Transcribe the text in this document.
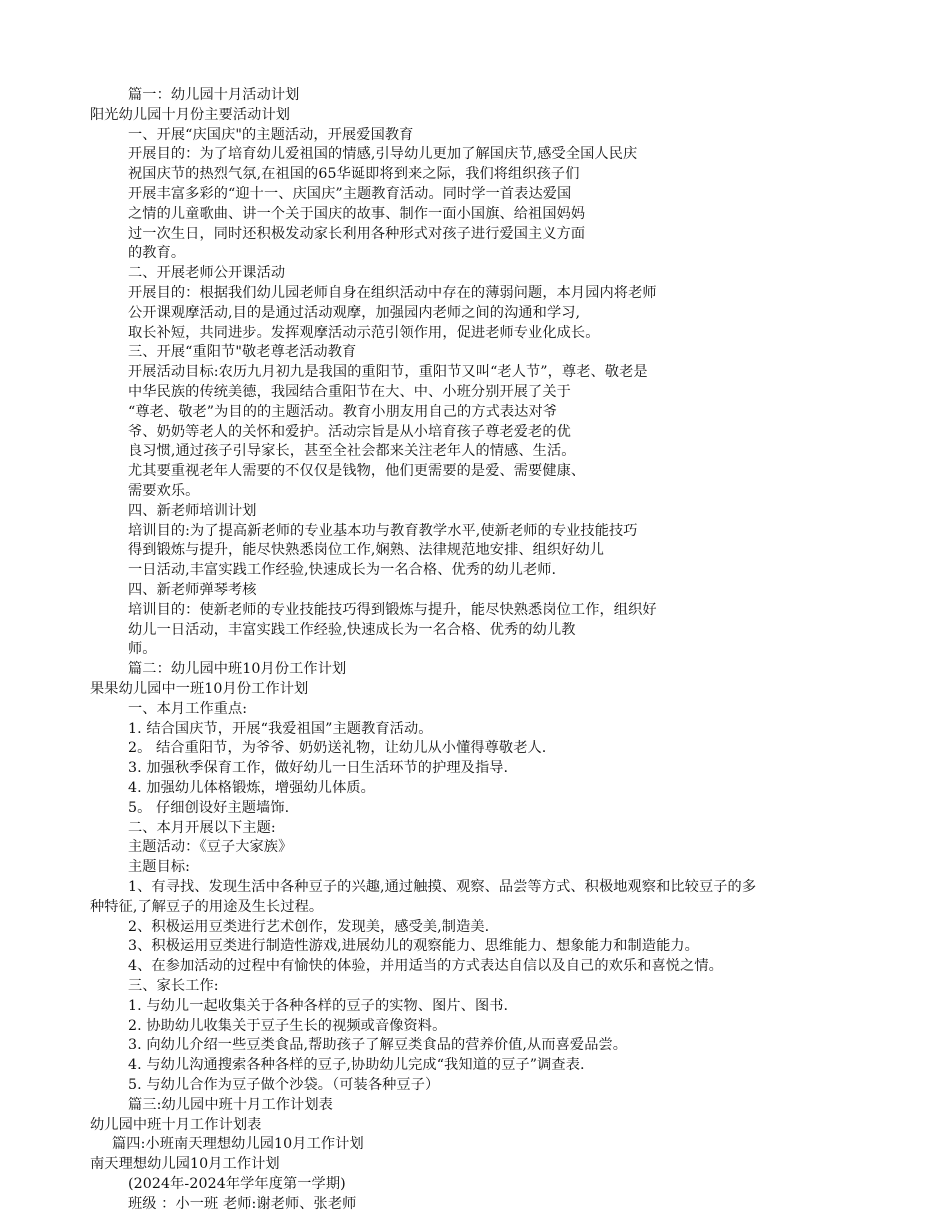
篇一：幼儿园十月活动计划
阳光幼儿园十月份主要活动计划
一、开展“庆国庆"的主题活动，开展爱国教育
开展目的：为了培育幼儿爱祖国的情感,引导幼儿更加了解国庆节,感受全国人民庆
祝国庆节的热烈气氛,在祖国的65华诞即将到来之际，我们将组织孩子们
开展丰富多彩的“迎十一、庆国庆”主题教育活动。同时学一首表达爱国
之情的儿童歌曲、讲一个关于国庆的故事、制作一面小国旗、给祖国妈妈
过一次生日，同时还积极发动家长利用各种形式对孩子进行爱国主义方面
的教育。
二、开展老师公开课活动
开展目的：根据我们幼儿园老师自身在组织活动中存在的薄弱问题，本月园内将老师
公开课观摩活动,目的是通过活动观摩，加强园内老师之间的沟通和学习,
取长补短，共同进步。发挥观摩活动示范引领作用，促进老师专业化成长。
三、开展“重阳节"敬老尊老活动教育
开展活动目标:农历九月初九是我国的重阳节，重阳节又叫“老人节”，尊老、敬老是
中华民族的传统美德，我园结合重阳节在大、中、小班分别开展了关于
“尊老、敬老”为目的的主题活动。教育小朋友用自己的方式表达对爷
爷、奶奶等老人的关怀和爱护。活动宗旨是从小培育孩子尊老爱老的优
良习惯,通过孩子引导家长，甚至全社会都来关注老年人的情感、生活。
尤其要重视老年人需要的不仅仅是钱物，他们更需要的是爱、需要健康、
需要欢乐。
四、新老师培训计划
培训目的:为了提高新老师的专业基本功与教育教学水平,使新老师的专业技能技巧
得到锻炼与提升，能尽快熟悉岗位工作,娴熟、法律规范地安排、组织好幼儿
一日活动,丰富实践工作经验,快速成长为一名合格、优秀的幼儿老师.
四、新老师弹琴考核
培训目的：使新老师的专业技能技巧得到锻炼与提升，能尽快熟悉岗位工作，组织好
幼儿一日活动，丰富实践工作经验,快速成长为一名合格、优秀的幼儿教
师。
篇二：幼儿园中班10月份工作计划
果果幼儿园中一班10月份工作计划
一、本月工作重点:
1. 结合国庆节，开展“我爱祖国”主题教育活动。
2。 结合重阳节，为爷爷、奶奶送礼物，让幼儿从小懂得尊敬老人.
3. 加强秋季保育工作，做好幼儿一日生活环节的护理及指导.
4. 加强幼儿体格锻炼，增强幼儿体质。
5。 仔细创设好主题墙饰.
二、本月开展以下主题:
主题活动：《豆子大家族》
主题目标:
1、有寻找、发现生活中各种豆子的兴趣,通过触摸、观察、品尝等方式、积极地观察和比较豆子的多
种特征,了解豆子的用途及生长过程。
2、积极运用豆类进行艺术创作，发现美，感受美,制造美.
3、积极运用豆类进行制造性游戏,进展幼儿的观察能力、思维能力、想象能力和制造能力。
4、在参加活动的过程中有愉快的体验，并用适当的方式表达自信以及自己的欢乐和喜悦之情。
三、家长工作:
1. 与幼儿一起收集关于各种各样的豆子的实物、图片、图书.
2. 协助幼儿收集关于豆子生长的视频或音像资料。
3. 向幼儿介绍一些豆类食品,帮助孩子了解豆类食品的营养价值,从而喜爱品尝。
4. 与幼儿沟通搜索各种各样的豆子,协助幼儿完成“我知道的豆子”调查表.
5. 与幼儿合作为豆子做个沙袋。（可装各种豆子）
篇三:幼儿园中班十月工作计划表
幼儿园中班十月工作计划表
篇四:小班南天理想幼儿园10月工作计划
南天理想幼儿园10月工作计划
(2024年-2024年学年度第一学期)
班级 ：小一班 老师:谢老师、张老师
